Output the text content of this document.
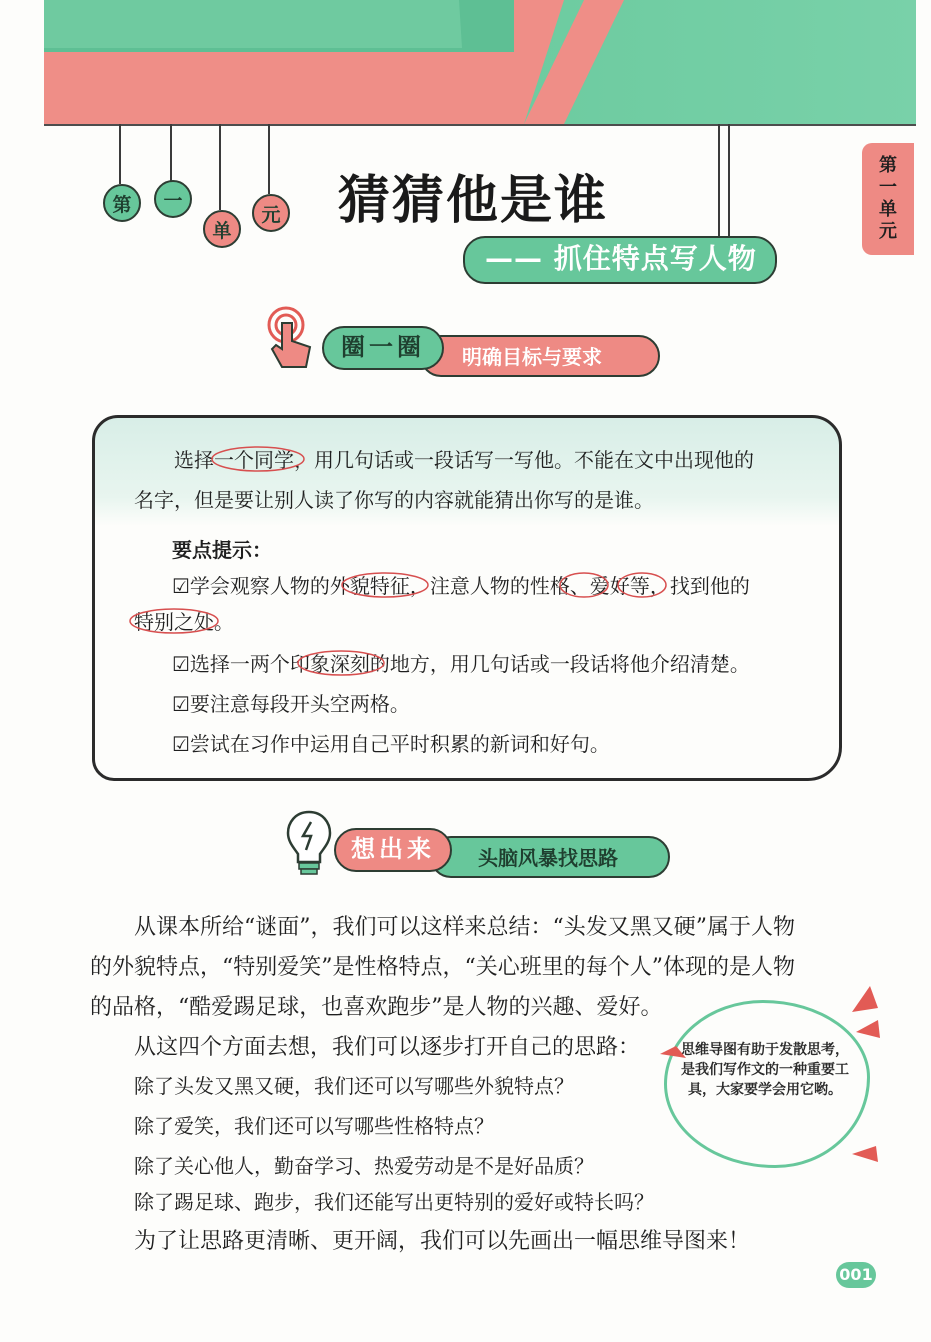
第	一
单
元 猜猜他是谁
—— 抓住特点写人物
第
一
单
元
明确目标与要求
圈一圈
选择一个同学，用几句话或一段话写一写他。不能在文中出现他的
名字，但是要让别人读了你写的内容就能猜出你写的是谁。
要点提示：
☑学会观察人物的外貌特征，注意人物的性格、爱好等，找到他的
特别之处。
☑选择一两个印象深刻的地方，用几句话或一段话将他介绍清楚。
☑要注意每段开头空两格。
☑尝试在习作中运用自己平时积累的新词和好句。
头脑风暴找思路
想出来
从课本所给“谜面”，我们可以这样来总结：“头发又黑又硬”属于人物
的外貌特点，“特别爱笑”是性格特点，“关心班里的每个人”体现的是人物
的品格，“酷爱踢足球，也喜欢跑步”是人物的兴趣、爱好。
从这四个方面去想，我们可以逐步打开自己的思路：
除了头发又黑又硬，我们还可以写哪些外貌特点？
除了爱笑，我们还可以写哪些性格特点？
除了关心他人，勤奋学习、热爱劳动是不是好品质？
除了踢足球、跑步，我们还能写出更特别的爱好或特长吗？
为了让思路更清晰、更开阔，我们可以先画出一幅思维导图来！
思维导图有助于发散思考，是我们写作文的一种重要工具，大家要学会用它哟。
001
